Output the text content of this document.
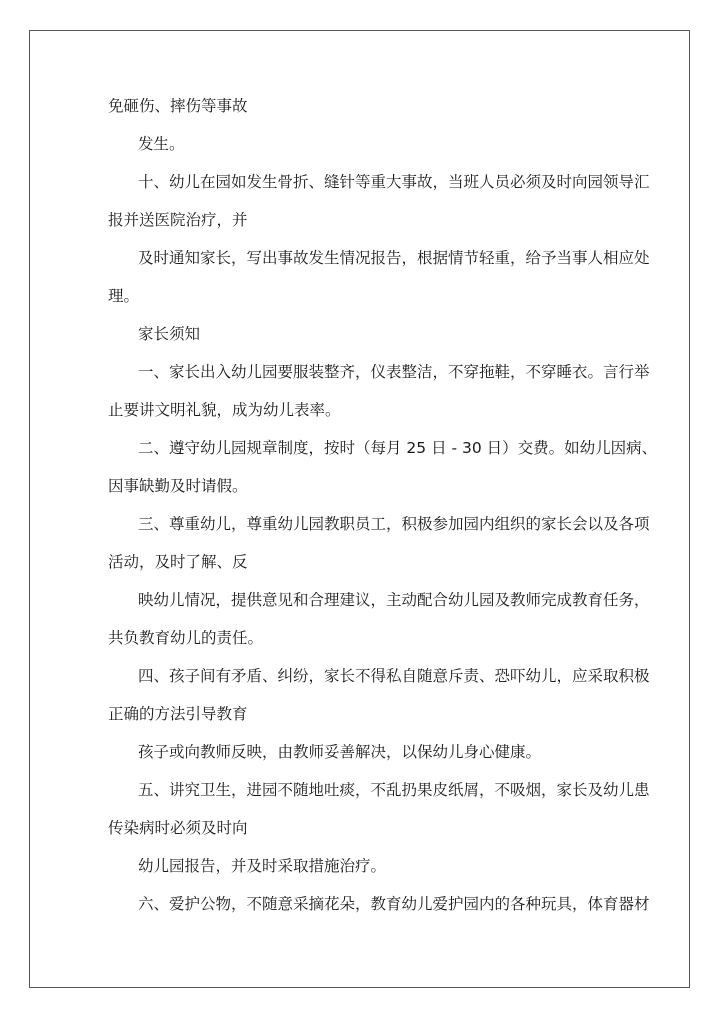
免砸伤、摔伤等事故
发生。
十、幼儿在园如发生骨折、缝针等重大事故，当班人员必须及时向园领导汇
报并送医院治疗，并
及时通知家长，写出事故发生情况报告，根据情节轻重，给予当事人相应处
理。
家长须知
一、家长出入幼儿园要服装整齐，仪表整洁，不穿拖鞋，不穿睡衣。言行举
止要讲文明礼貌，成为幼儿表率。
二、遵守幼儿园规章制度，按时（每月 25 日 - 30 日）交费。如幼儿因病、
因事缺勤及时请假。
三、尊重幼儿，尊重幼儿园教职员工，积极参加园内组织的家长会以及各项
活动，及时了解、反
映幼儿情况，提供意见和合理建议，主动配合幼儿园及教师完成教育任务，
共负教育幼儿的责任。
四、孩子间有矛盾、纠纷，家长不得私自随意斥责、恐吓幼儿，应采取积极
正确的方法引导教育
孩子或向教师反映，由教师妥善解决，以保幼儿身心健康。
五、讲究卫生，进园不随地吐痰，不乱扔果皮纸屑，不吸烟，家长及幼儿患
传染病时必须及时向
幼儿园报告，并及时采取措施治疗。
六、爱护公物，不随意采摘花朵，教育幼儿爱护园内的各种玩具，体育器材
